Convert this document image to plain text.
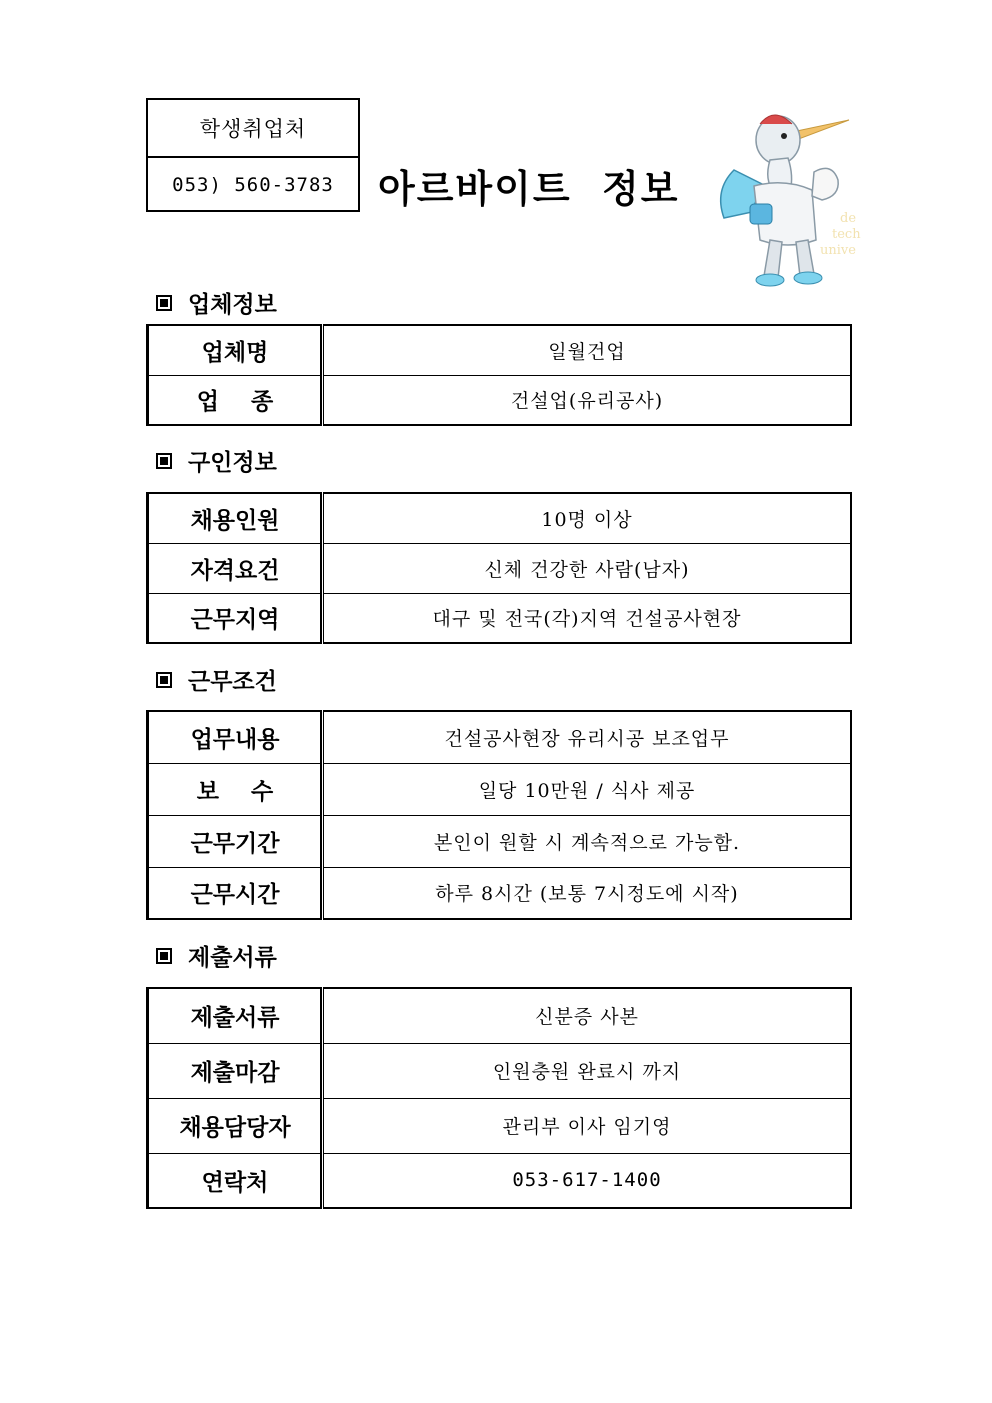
학생취업처
053) 560-3783 아르바이트  정보
de
tech
unive
업체정보
업체명	일월건업
업    종	건설업(유리공사)
구인정보
채용인원	10명 이상
자격요건	신체 건강한 사람(남자)
근무지역	대구 및 전국(각)지역 건설공사현장
근무조건
업무내용	건설공사현장 유리시공 보조업무
보    수	일당 10만원 / 식사 제공
근무기간	본인이 원할 시 계속적으로 가능함.
근무시간	하루 8시간 (보통 7시정도에 시작)
제출서류
제출서류	신분증 사본
제출마감	인원충원 완료시 까지
채용담당자	관리부 이사 임기영
연락처	053-617-1400
